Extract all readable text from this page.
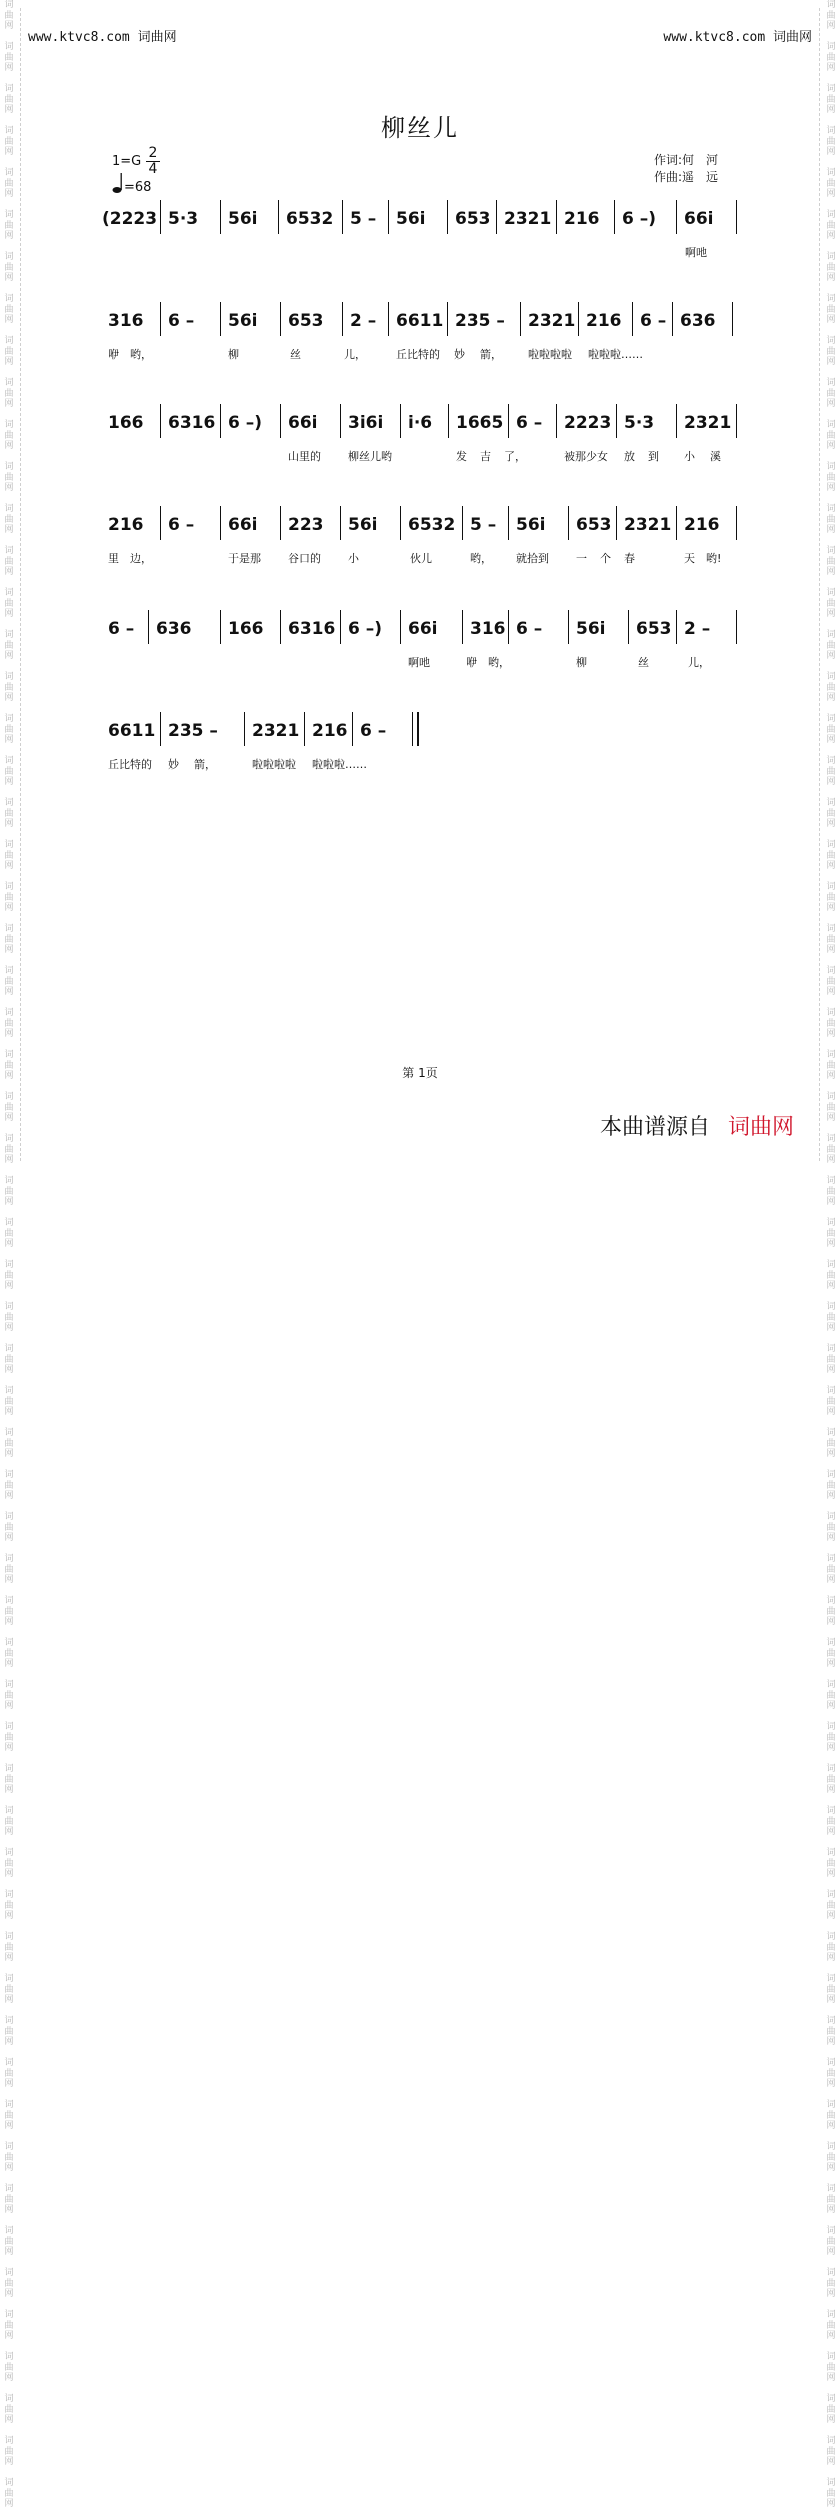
词曲网

词曲网

词曲网

词曲网

词曲网

词曲网

词曲网

词曲网

词曲网

词曲网

词曲网

词曲网

词曲网

词曲网

词曲网

词曲网

词曲网

词曲网

词曲网

词曲网

词曲网

词曲网

词曲网

词曲网

词曲网

词曲网

词曲网

词曲网

词曲网

词曲网

词曲网

词曲网

词曲网

词曲网

词曲网

词曲网

词曲网

词曲网

词曲网

词曲网

词曲网

词曲网

词曲网

词曲网

词曲网

词曲网

词曲网

词曲网

词曲网

词曲网

词曲网

词曲网

词曲网

词曲网

词曲网

词曲网

词曲网

词曲网

词曲网

词曲网

词曲网

词曲网

词曲网

词曲网

词曲网

词曲网

词曲网

词曲网

词曲网

词曲网

词曲网

词曲网

词曲网

词曲网

词曲网

词曲网

词曲网

词曲网

词曲网

词曲网

词曲网

词曲网

词曲网

词曲网

词曲网

词曲网

词曲网

词曲网

词曲网

词曲网

词曲网

词曲网

词曲网

词曲网

词曲网

词曲网

词曲网

词曲网

词曲网

词曲网

词曲网

词曲网

词曲网

词曲网

词曲网

词曲网

词曲网

词曲网

词曲网

词曲网

词曲网

词曲网

词曲网

词曲网

词曲网

词曲网

词曲网

词曲网

词曲网

词曲网

www.ktvc8.com 词曲网	www.ktvc8.com 词曲网
柳丝儿
1=G
2
4
=68
作词:何　河
作曲:遥　远
(2223 5·3 56i 6532 5 – 56i 653 2321 216 6 –) 66i
啊吔
316 6 – 56i 653 2 – 6611 235 – 2321 216 6 – 636
咿　哟，	柳	丝	儿，	丘比特的 妙 箭， 啦啦啦啦 啦啦啦……
166 6316 6 –) 66i 3i6i i·6 1665 6 – 2223 5·3 2321
山里的 柳丝儿哟	发 吉 了，	被那少女 放 到 小 溪
216 6 – 66i 223 56i 6532 5 – 56i 653 2321 216
里　边，	于是那 谷口的 小	伙儿	哟， 就拾到 一 个 春	天 哟!
6 – 636 166 6316 6 –) 66i 316 6 – 56i 653 2 –
啊吔	咿　哟，	柳	丝	儿，
6611 235 – 2321 216 6 –
丘比特的 妙 箭，	啦啦啦啦 啦啦啦……
第 1页
本曲谱源自 词曲网
